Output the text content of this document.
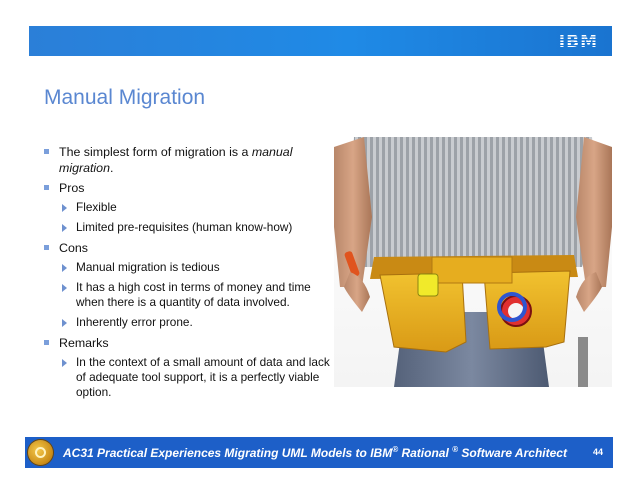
IBM
Manual Migration
The simplest form of migration is a manual migration.
Pros
Flexible
Limited pre-requisites (human know-how)
Cons
Manual migration is tedious
It has a high cost in terms of money and time when there is a quantity of data involved.
Inherently error prone.
Remarks
In the context of a small amount of data and lack of adequate tool support, it is a perfectly viable option.
AC31 Practical Experiences Migrating UML Models to IBM® Rational ® Software Architect	44
